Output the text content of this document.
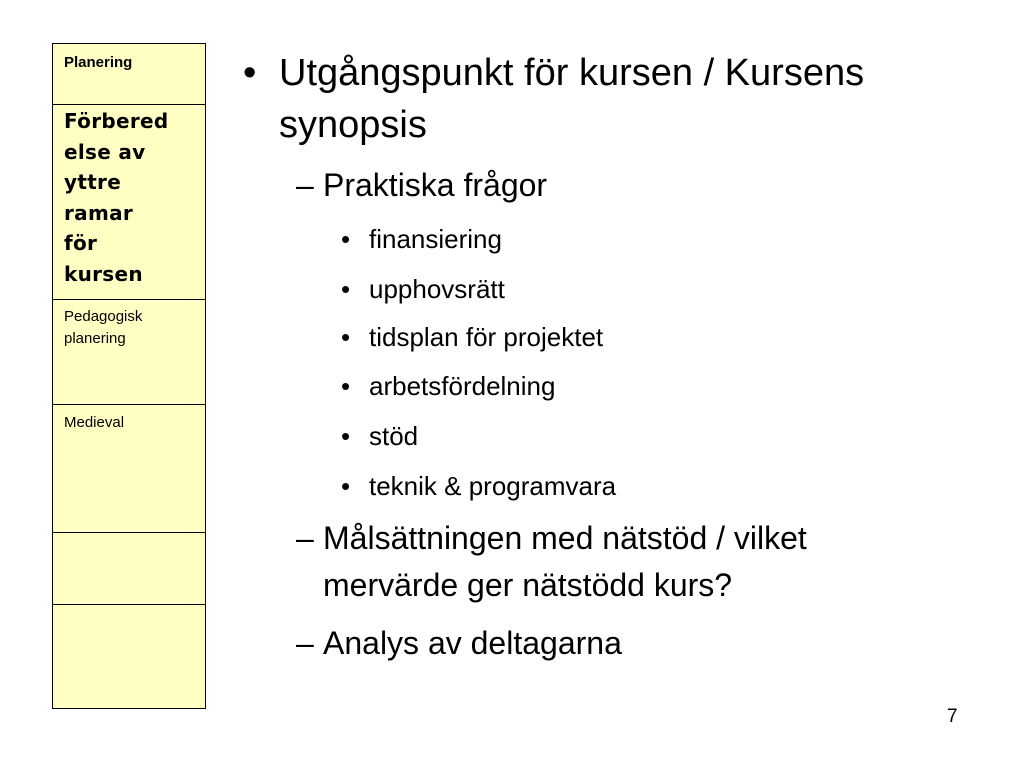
Planering
Förbered
else av
yttre
ramar
för
kursen
Pedagogisk
planering
Medieval
• Utgångspunkt för kursen / Kursens
synopsis
– Praktiska frågor
• finansiering
• upphovsrätt
• tidsplan för projektet
• arbetsfördelning
• stöd
• teknik & programvara
– Målsättningen med nätstöd / vilket
mervärde ger nätstödd kurs?
– Analys av deltagarna
7
